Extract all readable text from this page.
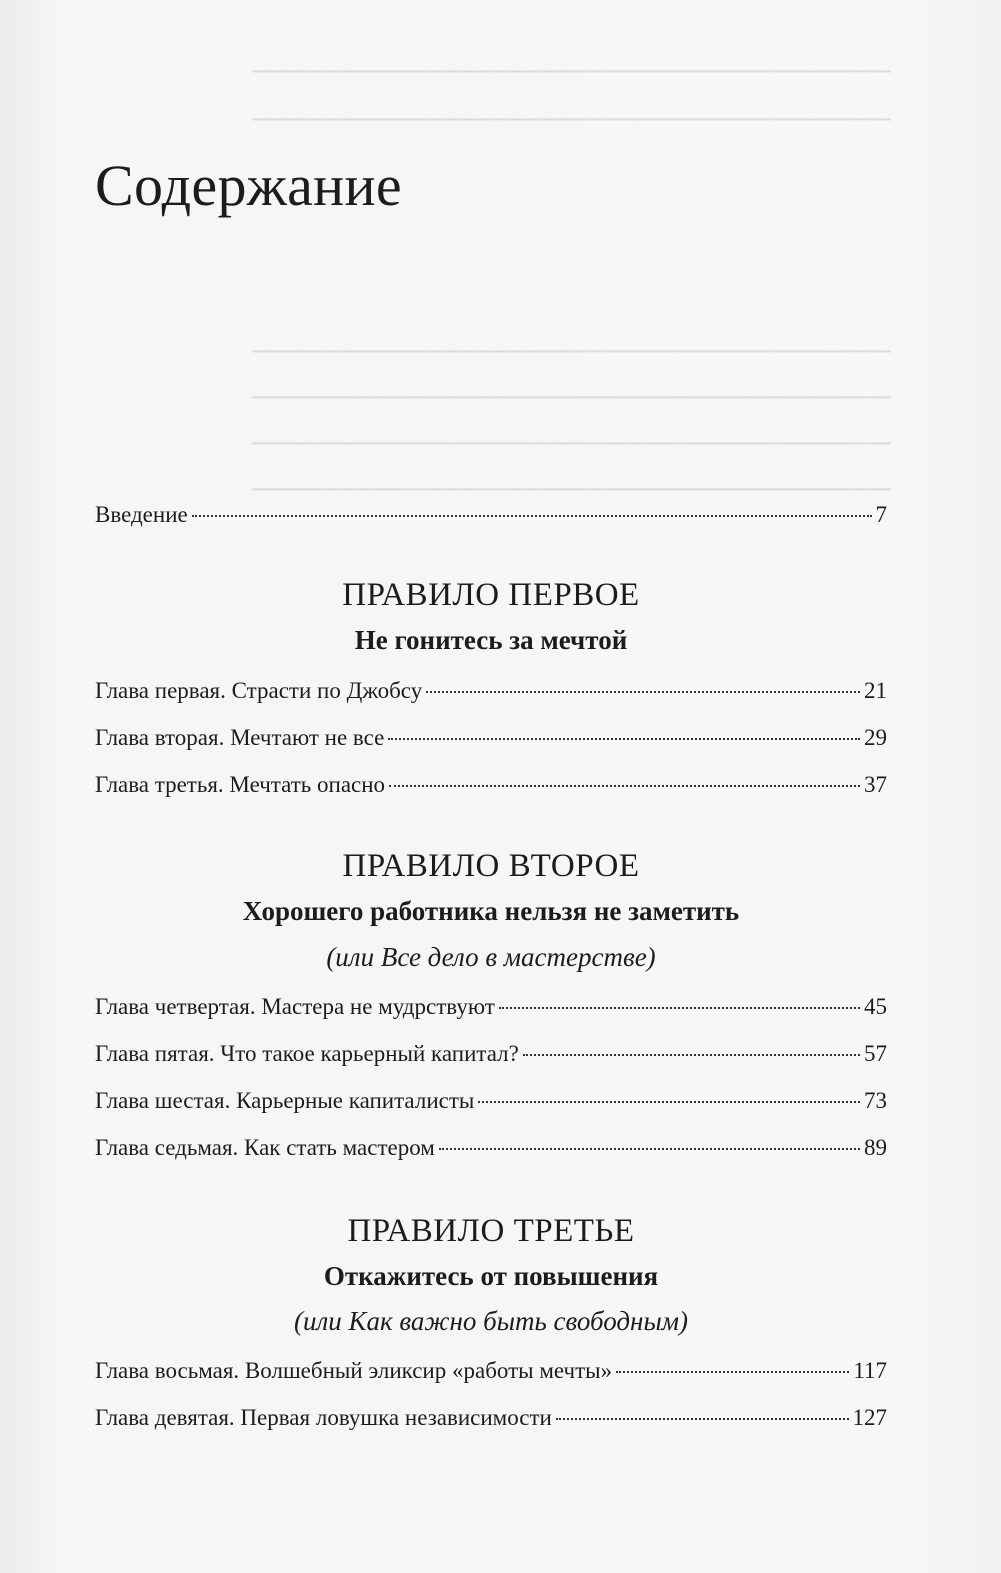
─────────────────────────────────────────
─────────────────────────────────────────
─────────────────────────────────────────
─────────────────────────────────────────
─────────────────────────────────────────
─────────────────────────────────────────
Содержание
Введение	7
ПРАВИЛО ПЕРВОЕ
Не гонитесь за мечтой
Глава первая. Страсти по Джобсу	21
Глава вторая. Мечтают не все	29
Глава третья. Мечтать опасно	37
ПРАВИЛО ВТОРОЕ
Хорошего работника нельзя не заметить
(или Все дело в мастерстве)
Глава четвертая. Мастера не мудрствуют	45
Глава пятая. Что такое карьерный капитал?	57
Глава шестая. Карьерные капиталисты	73
Глава седьмая. Как стать мастером	89
ПРАВИЛО ТРЕТЬЕ
Откажитесь от повышения
(или Как важно быть свободным)
Глава восьмая. Волшебный эликсир «работы мечты»	117
Глава девятая. Первая ловушка независимости	127
